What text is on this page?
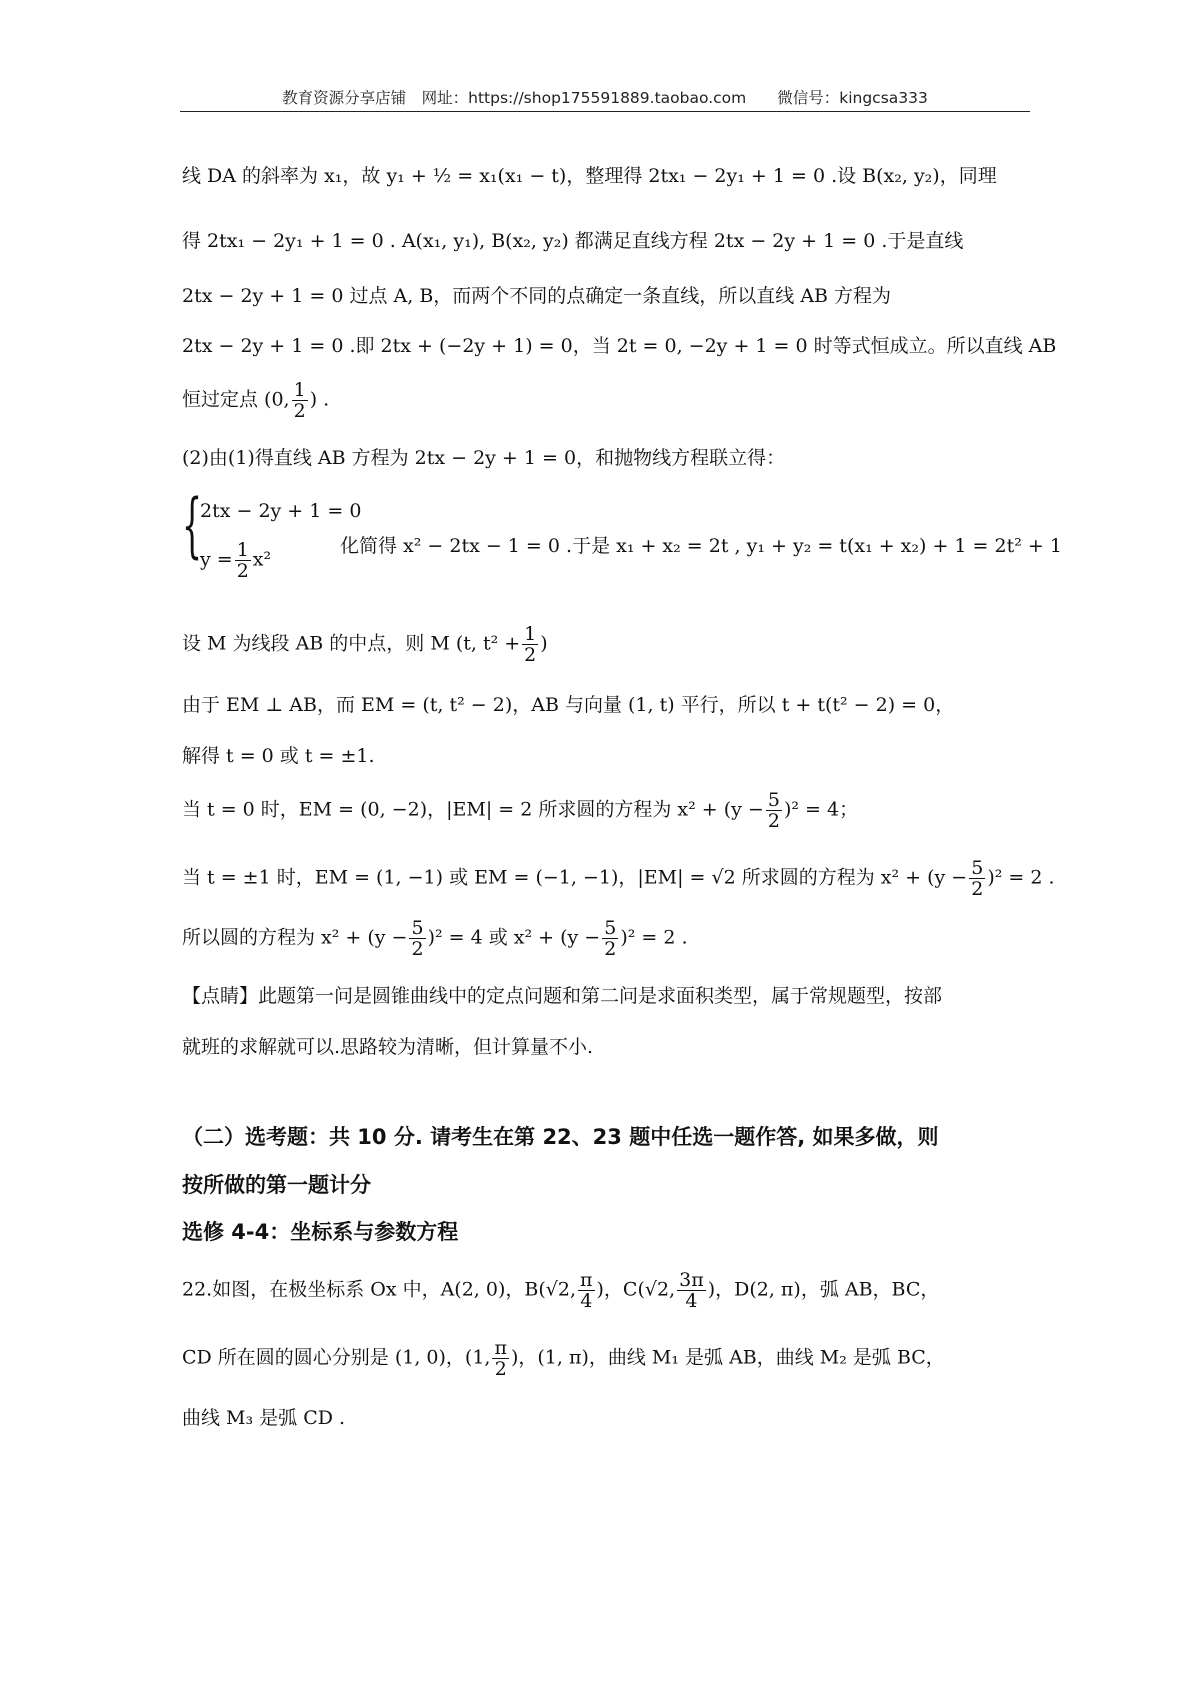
教育资源分享店铺　网址：https://shop175591889.taobao.com　　微信号：kingcsa333
线 DA 的斜率为 x₁，故 y₁ + ½ = x₁(x₁ − t)，整理得 2tx₁ − 2y₁ + 1 = 0 .设 B(x₂, y₂)，同理
得 2tx₁ − 2y₁ + 1 = 0 . A(x₁, y₁), B(x₂, y₂) 都满足直线方程 2tx − 2y + 1 = 0 .于是直线
2tx − 2y + 1 = 0 过点 A, B，而两个不同的点确定一条直线，所以直线 AB 方程为
2tx − 2y + 1 = 0 .即 2tx + (−2y + 1) = 0，当 2t = 0, −2y + 1 = 0 时等式恒成立。所以直线 AB
恒过定点 (0, $\frac{1}{2}$ ) .
(2)由(1)得直线 AB 方程为 2tx − 2y + 1 = 0，和抛物线方程联立得：
{
2tx − 2y + 1 = 0
$y = \frac{1}{2} x^2$
化简得 x² − 2tx − 1 = 0 .于是 x₁ + x₂ = 2t , y₁ + y₂ = t(x₁ + x₂) + 1 = 2t² + 1
设 M 为线段 AB 的中点，则 M (t, $t^2 + \frac{1}{2}$ )
由于 EM ⊥ AB，而 EM = (t, t² − 2)，AB 与向量 (1, t) 平行，所以 t + t(t² − 2) = 0，
解得 t = 0 或 t = ±1.
当 t = 0 时，EM = (0, −2)，|EM| = 2 所求圆的方程为 $x^2 + (y - \frac{5}{2} )^2 = 4$；
当 t = ±1 时，EM = (1, −1) 或 EM = (−1, −1)，|EM| = √2 所求圆的方程为 $x^2 + (y - \frac{5}{2} )^2 = 2$ .
所以圆的方程为 $x^2 + (y - \frac{5}{2} )^2 = 4$ 或 $x^2 + (y - \frac{5}{2} )^2 = 2$ .
【点睛】此题第一问是圆锥曲线中的定点问题和第二问是求面积类型，属于常规题型，按部
就班的求解就可以.思路较为清晰，但计算量不小.
（二）选考题：共 10 分. 请考生在第 22、23 题中任选一题作答, 如果多做，则
按所做的第一题计分
选修 4-4：坐标系与参数方程
22.如图，在极坐标系 Ox 中，A(2, 0)，B(√2, $\frac{\pi}{4}$ )，C(√2, $\frac{3\pi}{4}$ )，D(2, π)，弧 AB，BC，
CD 所在圆的圆心分别是 (1, 0)，(1, $\frac{\pi}{2}$ )，(1, π)，曲线 M₁ 是弧 AB，曲线 M₂ 是弧 BC，
曲线 M₃ 是弧 CD .
